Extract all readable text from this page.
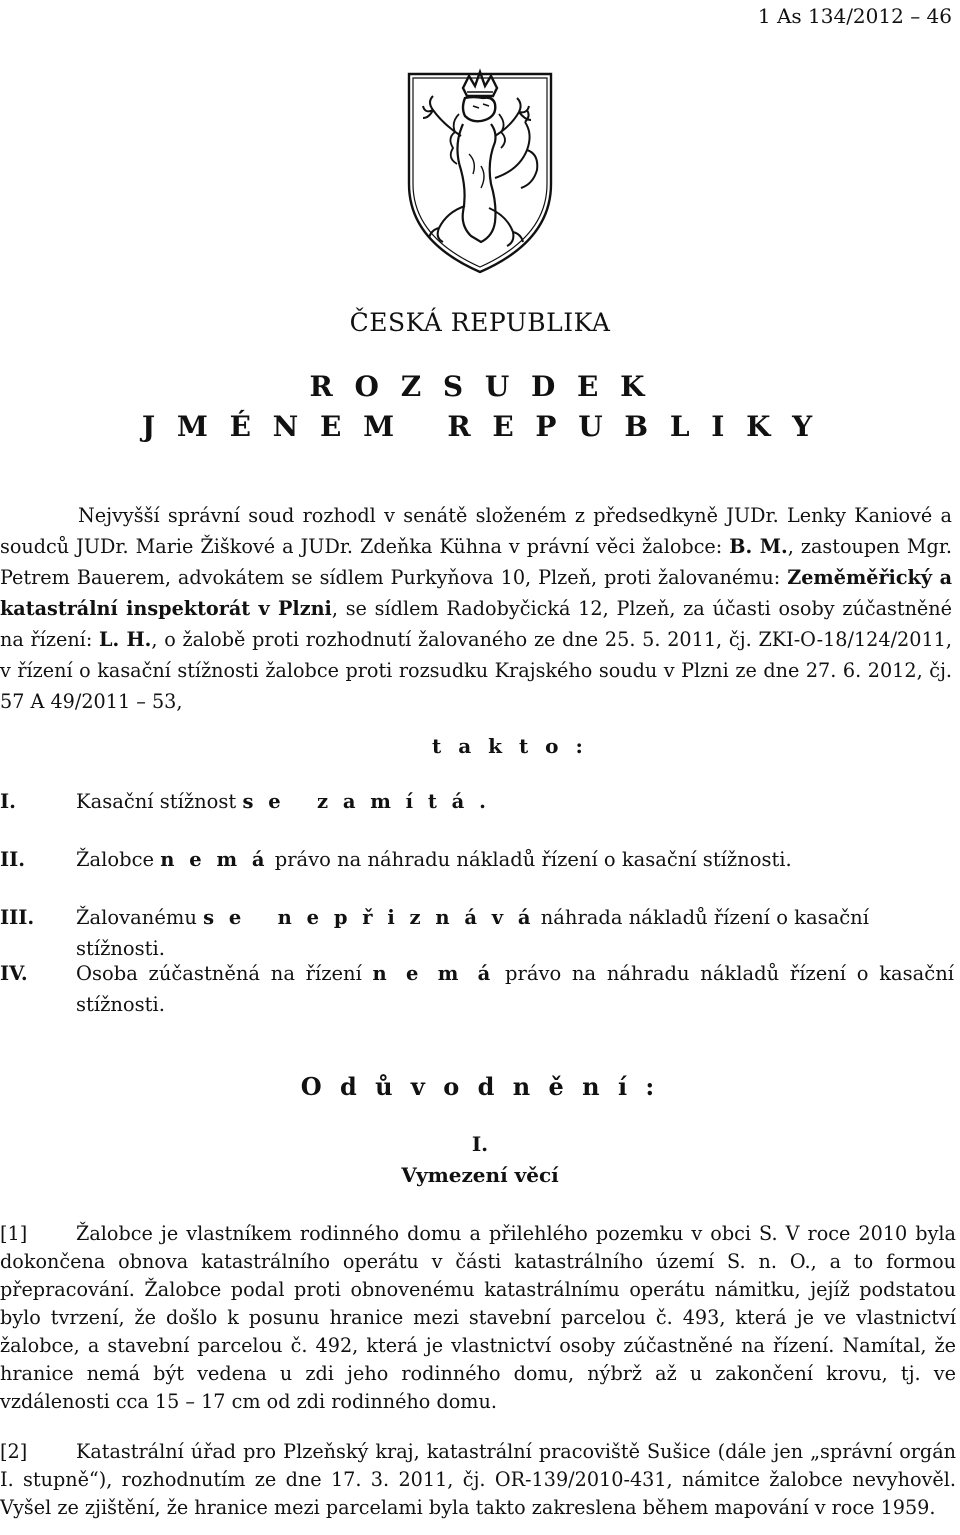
1 As 134/2012 – 46
ČESKÁ REPUBLIKA
R O Z S U D E K
J M É N E M   R E P U B L I K Y
Nejvyšší správní soud rozhodl v senátě složeném z předsedkyně JUDr. Lenky Kaniové a soudců JUDr. Marie Žiškové a JUDr. Zdeňka Kühna v právní věci žalobce: B. M., zastoupen Mgr. Petrem Bauerem, advokátem se sídlem Purkyňova 10, Plzeň, proti žalovanému: Zeměměřický a katastrální inspektorát v Plzni, se sídlem Radobyčická 12, Plzeň, za účasti osoby zúčastněné na řízení: L. H., o žalobě proti rozhodnutí žalovaného ze dne 25. 5. 2011, čj. ZKI-O-18/124/2011, v řízení o kasační stížnosti žalobce proti rozsudku Krajského soudu v Plzni ze dne 27. 6. 2012, čj. 57 A 49/2011 – 53,
t a k t o :
I.	Kasační stížnost s e   z a m í t á .
II.	Žalobce n e m á právo na náhradu nákladů řízení o kasační stížnosti.
III. Žalovanému s e   n e p ř i z n á v á náhrada nákladů řízení o kasační stížnosti.
IV. Osoba zúčastněná na řízení n e m á právo na náhradu nákladů řízení o kasační stížnosti.
O d ů v o d n ě n í :
I.
Vymezení věcí
[1]	Žalobce je vlastníkem rodinného domu a přilehlého pozemku v obci S. V roce 2010 byla dokončena obnova katastrálního operátu v části katastrálního území S. n. O., a to formou přepracování. Žalobce podal proti obnovenému katastrálnímu operátu námitku, jejíž podstatou bylo tvrzení, že došlo k posunu hranice mezi stavební parcelou č. 493, která je ve vlastnictví žalobce, a stavební parcelou č. 492, která je vlastnictví osoby zúčastněné na řízení. Namítal, že hranice nemá být vedena u zdi jeho rodinného domu, nýbrž až u zakončení krovu, tj. ve vzdálenosti cca 15 – 17 cm od zdi rodinného domu.
[2]	Katastrální úřad pro Plzeňský kraj, katastrální pracoviště Sušice (dále jen „správní orgán I. stupně“), rozhodnutím ze dne 17. 3. 2011, čj. OR-139/2010-431, námitce žalobce nevyhověl. Vyšel ze zjištění, že hranice mezi parcelami byla takto zakreslena během mapování v roce 1959.
